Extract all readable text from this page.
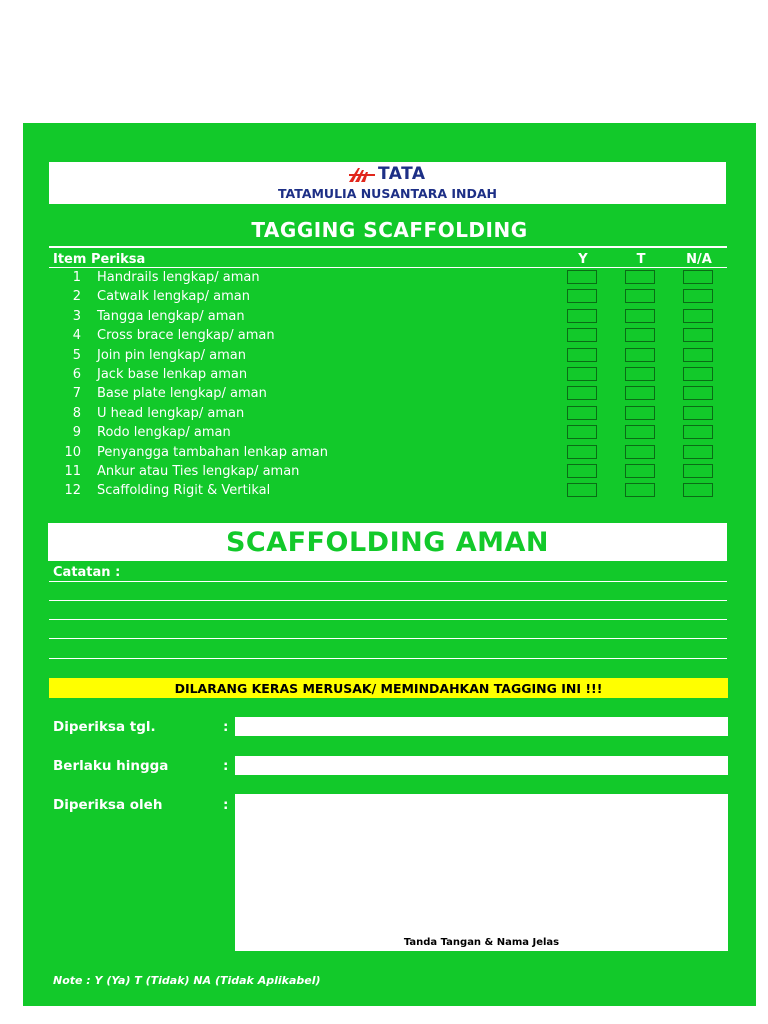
TATA
TATAMULIA NUSANTARA INDAH
TAGGING SCAFFOLDING
Item Periksa	Y	T	N/A
1 Handrails lengkap/ aman
2 Catwalk lengkap/ aman
3 Tangga lengkap/ aman
4 Cross brace lengkap/ aman
5 Join pin lengkap/ aman
6 Jack base lenkap aman
7 Base plate lengkap/ aman
8 U head lengkap/ aman
9 Rodo lengkap/ aman
10 Penyangga tambahan lenkap aman
11 Ankur atau Ties lengkap/ aman
12 Scaffolding Rigit & Vertikal
SCAFFOLDING AMAN
Catatan :
DILARANG KERAS MERUSAK/ MEMINDAHKAN TAGGING INI !!!
Diperiksa tgl.	:
Berlaku hingga	:
Diperiksa oleh	:
Tanda Tangan & Nama Jelas
Note : Y (Ya) T (Tidak) NA (Tidak Aplikabel)
